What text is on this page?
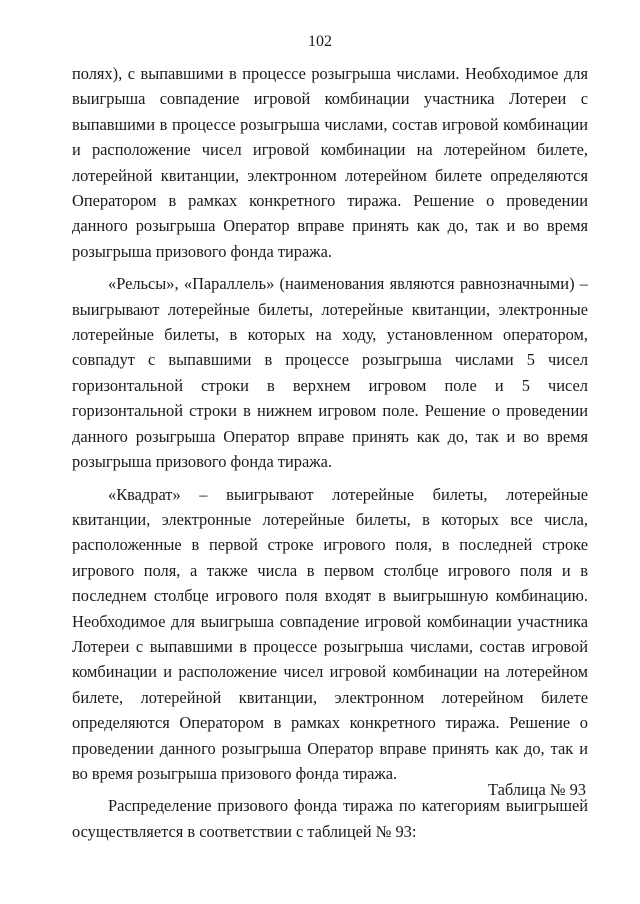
102

полях), с выпавшими в процессе розыгрыша числами. Необходимое для выигрыша совпадение игровой комбинации участника Лотереи с выпавшими в процессе розыгрыша числами, состав игровой комбинации и расположение чисел игровой комбинации на лотерейном билете, лотерейной квитанции, электронном лотерейном билете определяются Оператором в рамках конкретного тиража. Решение о проведении данного розыгрыша Оператор вправе принять как до, так и во время розыгрыша призового фонда тиража.

«Рельсы», «Параллель» (наименования являются равнозначными) – выигрывают лотерейные билеты, лотерейные квитанции, электронные лотерейные билеты, в которых на ходу, установленном оператором, совпадут с выпавшими в процессе розыгрыша числами 5 чисел горизонтальной строки в верхнем игровом поле и 5 чисел горизонтальной строки в нижнем игровом поле. Решение о проведении данного розыгрыша Оператор вправе принять как до, так и во время розыгрыша призового фонда тиража.

«Квадрат» – выигрывают лотерейные билеты, лотерейные квитанции, электронные лотерейные билеты, в которых все числа, расположенные в первой строке игрового поля, в последней строке игрового поля, а также числа в первом столбце игрового поля и в последнем столбце игрового поля входят в выигрышную комбинацию. Необходимое для выигрыша совпадение игровой комбинации участника Лотереи с выпавшими в процессе розыгрыша числами, состав игровой комбинации и расположение чисел игровой комбинации на лотерейном билете, лотерейной квитанции, электронном лотерейном билете определяются Оператором в рамках конкретного тиража. Решение о проведении данного розыгрыша Оператор вправе принять как до, так и во время розыгрыша призового фонда тиража.

Распределение призового фонда тиража по категориям выигрышей осуществляется в соответствии с таблицей № 93:

Таблица № 93
